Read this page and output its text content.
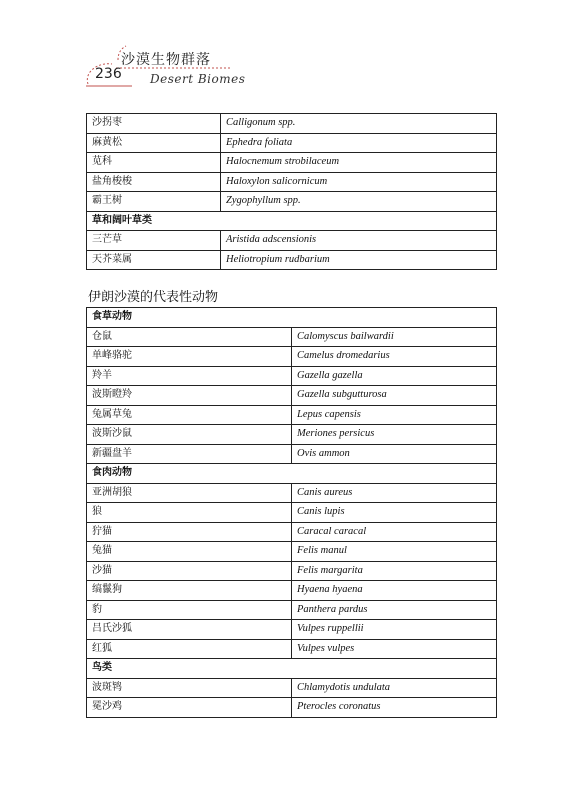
236
沙漠生物群落
Desert Biomes
沙拐枣	Calligonum spp.
麻黄松	Ephedra foliata
苋科	Halocnemum strobilaceum
盐角梭梭	Haloxylon salicornicum
霸王树	Zygophyllum spp.
草和阔叶草类	
三芒草	Aristida adscensionis
天芥菜属	Heliotropium rudbarium
伊朗沙漠的代表性动物
食草动物	
仓鼠	Calomyscus bailwardii
单峰骆驼	Camelus dromedarius
羚羊	Gazella gazella
波斯瞪羚	Gazella subgutturosa
兔属草兔	Lepus capensis
波斯沙鼠	Meriones persicus
新疆盘羊	Ovis ammon
食肉动物	
亚洲胡狼	Canis aureus
狼	Canis lupis
狞猫	Caracal caracal
兔猫	Felis manul
沙猫	Felis margarita
缟鬣狗	Hyaena hyaena
豹	Panthera pardus
吕氏沙狐	Vulpes ruppellii
红狐	Vulpes vulpes
鸟类	
波斑鸨	Chlamydotis undulata
冕沙鸡	Pterocles coronatus
